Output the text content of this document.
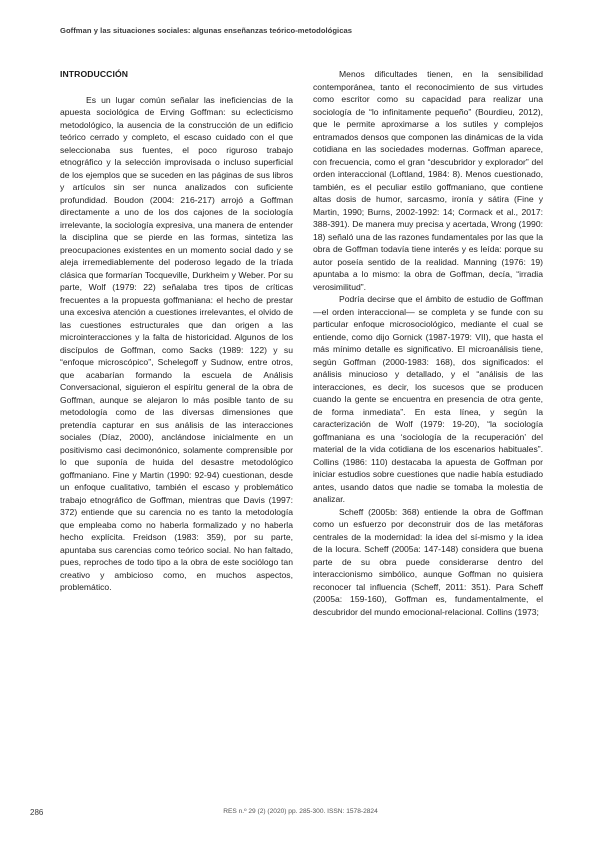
Goffman y las situaciones sociales: algunas enseñanzas teórico-metodológicas
INTRODUCCIÓN

Es un lugar común señalar las ineficiencias de la apuesta sociológica de Erving Goffman: su eclecticismo metodológico, la ausencia de la construcción de un edificio teórico cerrado y completo, el escaso cuidado con el que seleccionaba sus fuentes, el poco riguroso trabajo etnográfico y la selección improvisada o incluso superficial de los ejemplos que se suceden en las páginas de sus libros y artículos sin ser nunca analizados con suficiente profundidad. Boudon (2004: 216-217) arrojó a Goffman directamente a uno de los dos cajones de la sociología irrelevante, la sociología expresiva, una manera de entender la disciplina que se pierde en las formas, sintetiza las preocupaciones existentes en un momento social dado y se aleja irremediablemente del poderoso legado de la tríada clásica que formarían Tocqueville, Durkheim y Weber. Por su parte, Wolf (1979: 22) señalaba tres tipos de críticas frecuentes a la propuesta goffmaniana: el hecho de prestar una excesiva atención a cuestiones irrelevantes, el olvido de las cuestiones estructurales que dan origen a las microinteracciones y la falta de historicidad. Algunos de los discípulos de Goffman, como Sacks (1989: 122) y su “enfoque microscópico”, Schelegoff y Sudnow, entre otros, que acabarían formando la escuela de Análisis Conversacional, siguieron el espíritu general de la obra de Goffman, aunque se alejaron lo más posible tanto de su metodología como de las diversas dimensiones que pretendía capturar en sus análisis de las interacciones sociales (Díaz, 2000), anclándose inicialmente en un positivismo casi decimonónico, solamente comprensible por lo que suponía de huida del desastre metodológico goffmaniano. Fine y Martin (1990: 92-94) cuestionan, desde un enfoque cualitativo, también el escaso y problemático trabajo etnográfico de Goffman, mientras que Davis (1997: 372) entiende que su carencia no es tanto la metodología que empleaba como no haberla formalizado y no haberla hecho explícita. Freidson (1983: 359), por su parte, apuntaba sus carencias como teórico social. No han faltado, pues, reproches de todo tipo a la obra de este sociólogo tan creativo y ambicioso como, en muchos aspectos, problemático.

Menos dificultades tienen, en la sensibilidad contemporánea, tanto el reconocimiento de sus virtudes como escritor como su capacidad para realizar una sociología de “lo infinitamente pequeño” (Bourdieu, 2012), que le permite aproximarse a los sutiles y complejos entramados densos que componen las dinámicas de la vida cotidiana en las sociedades modernas. Goffman aparece, con frecuencia, como el gran “descubridor y explorador” del orden interaccional (Loftland, 1984: 8). Menos cuestionado, también, es el peculiar estilo goffmaniano, que contiene altas dosis de humor, sarcasmo, ironía y sátira (Fine y Martin, 1990; Burns, 2002-1992: 14; Cormack et al., 2017: 388-391). De manera muy precisa y acertada, Wrong (1990: 18) señaló una de las razones fundamentales por las que la obra de Goffman todavía tiene interés y es leída: porque su autor poseía sentido de la realidad. Manning (1976: 19) apuntaba a lo mismo: la obra de Goffman, decía, “irradia verosimilitud”.

Podría decirse que el ámbito de estudio de Goffman —el orden interaccional— se completa y se funde con su particular enfoque microsociológico, mediante el cual se entiende, como dijo Gornick (1987-1979: VII), que hasta el más mínimo detalle es significativo. El microanálisis tiene, según Goffman (2000-1983: 168), dos significados: el análisis minucioso y detallado, y el “análisis de las interacciones, es decir, los sucesos que se producen cuando la gente se encuentra en presencia de otra gente, de forma inmediata”. En esta línea, y según la caracterización de Wolf (1979: 19-20), “la sociología goffmaniana es una ‘sociología de la recuperación’ del material de la vida cotidiana de los escenarios habituales”. Collins (1986: 110) destacaba la apuesta de Goffman por iniciar estudios sobre cuestiones que nadie había estudiado antes, usando datos que nadie se tomaba la molestia de analizar.

Scheff (2005b: 368) entiende la obra de Goffman como un esfuerzo por deconstruir dos de las metáforas centrales de la modernidad: la idea del sí-mismo y la idea de la locura. Scheff (2005a: 147-148) considera que buena parte de su obra puede considerarse dentro del interaccionismo simbólico, aunque Goffman no quisiera reconocer tal influencia (Scheff, 2011: 351). Para Scheff (2005a: 159-160), Goffman es, fundamentalmente, el descubridor del mundo emocional-relacional. Collins (1973;

286	RES n.º 29 (2) (2020) pp. 285-300. ISSN: 1578-2824
